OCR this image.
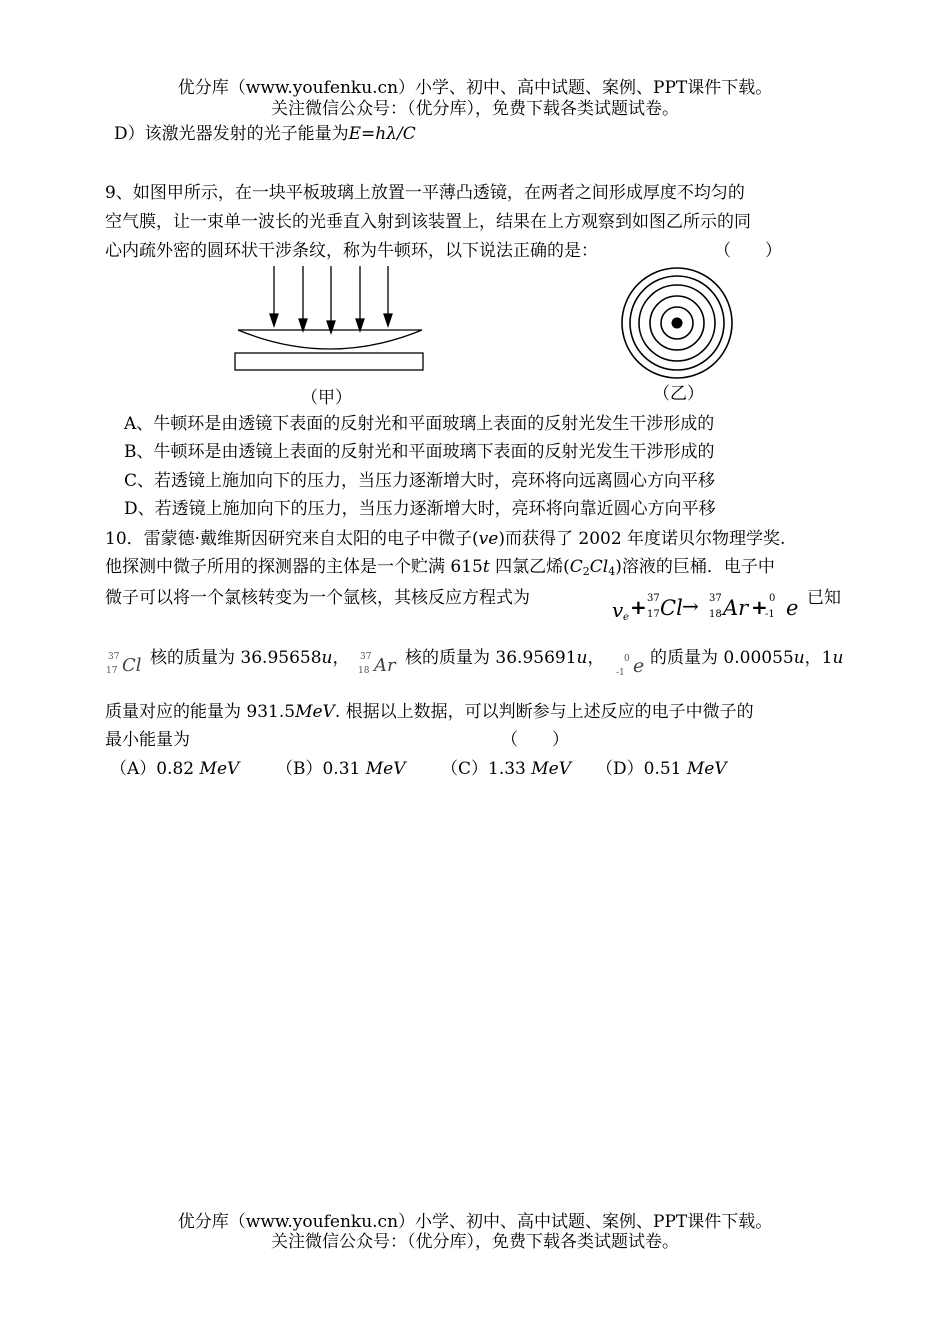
优分库（www.youfenku.cn）小学、初中、高中试题、案例、PPT课件下载。
关注微信公众号：（优分库），免费下载各类试题试卷。
D）该激光器发射的光子能量为E=hλ/C
9、如图甲所示，在一块平板玻璃上放置一平薄凸透镜，在两者之间形成厚度不均匀的
空气膜，让一束单一波长的光垂直入射到该装置上，结果在上方观察到如图乙所示的同
心内疏外密的圆环状干涉条纹，称为牛顿环，以下说法正确的是：	（　　）
（甲）	（乙）
A、牛顿环是由透镜下表面的反射光和平面玻璃上表面的反射光发生干涉形成的
B、牛顿环是由透镜上表面的反射光和平面玻璃下表面的反射光发生干涉形成的
C、若透镜上施加向下的压力，当压力逐渐增大时，亮环将向远离圆心方向平移
D、若透镜上施加向下的压力，当压力逐渐增大时，亮环将向靠近圆心方向平移
10．雷蒙德·戴维斯因研究来自太阳的电子中微子(ve)而获得了 2002 年度诺贝尔物理学奖.
他探测中微子所用的探测器的主体是一个贮满 615t 四氯乙烯$(C_2Cl_4)$溶液的巨桶．电子中
微子可以将一个氯核转变为一个氩核，其核反应方程式为	v e + 37
17 Cl → 37
18 Ar + 0
-1 e 已知
37
17 Cl 核的质量为 36.95658u， 37
18 Ar 核的质量为 36.95691u， 0
-1 e 的质量为 0.00055u，1u
质量对应的能量为 931.5MeV. 根据以上数据，可以判断参与上述反应的电子中微子的
最小能量为	（　　）
（A）0.82 MeV （B）0.31 MeV （C）1.33 MeV （D）0.51 MeV
优分库（www.youfenku.cn）小学、初中、高中试题、案例、PPT课件下载。
关注微信公众号：（优分库），免费下载各类试题试卷。
